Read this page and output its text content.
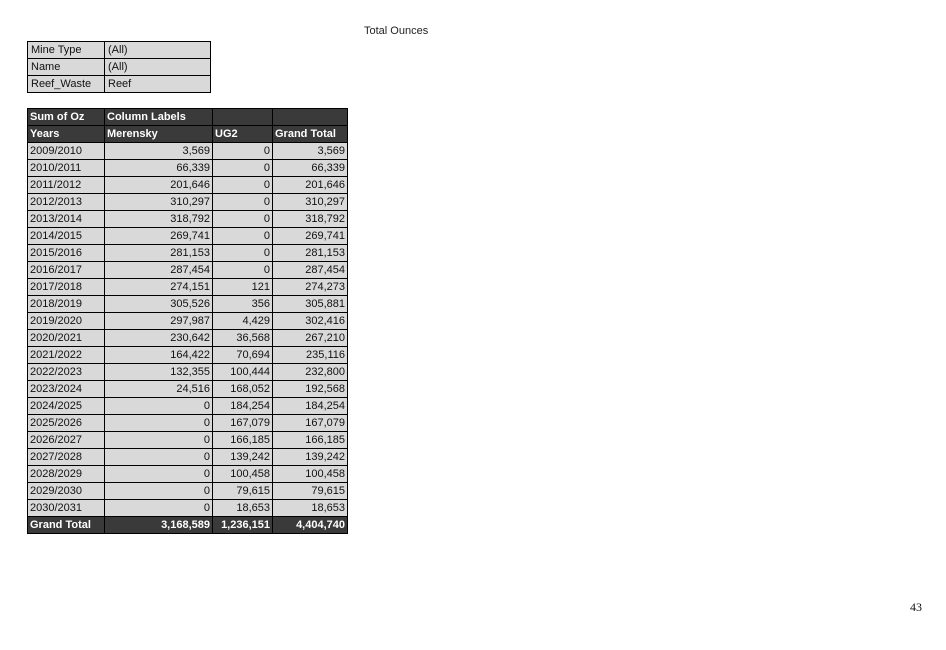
Total Ounces
Mine Type	(All)
Name	(All)
Reef_Waste	Reef
Sum of Oz	Column Labels		
Years	Merensky	UG2	Grand Total
2009/2010	3,569	0	3,569
2010/2011	66,339	0	66,339
2011/2012	201,646	0	201,646
2012/2013	310,297	0	310,297
2013/2014	318,792	0	318,792
2014/2015	269,741	0	269,741
2015/2016	281,153	0	281,153
2016/2017	287,454	0	287,454
2017/2018	274,151	121	274,273
2018/2019	305,526	356	305,881
2019/2020	297,987	4,429	302,416
2020/2021	230,642	36,568	267,210
2021/2022	164,422	70,694	235,116
2022/2023	132,355	100,444	232,800
2023/2024	24,516	168,052	192,568
2024/2025	0	184,254	184,254
2025/2026	0	167,079	167,079
2026/2027	0	166,185	166,185
2027/2028	0	139,242	139,242
2028/2029	0	100,458	100,458
2029/2030	0	79,615	79,615
2030/2031	0	18,653	18,653
Grand Total	3,168,589	1,236,151	4,404,740
43
